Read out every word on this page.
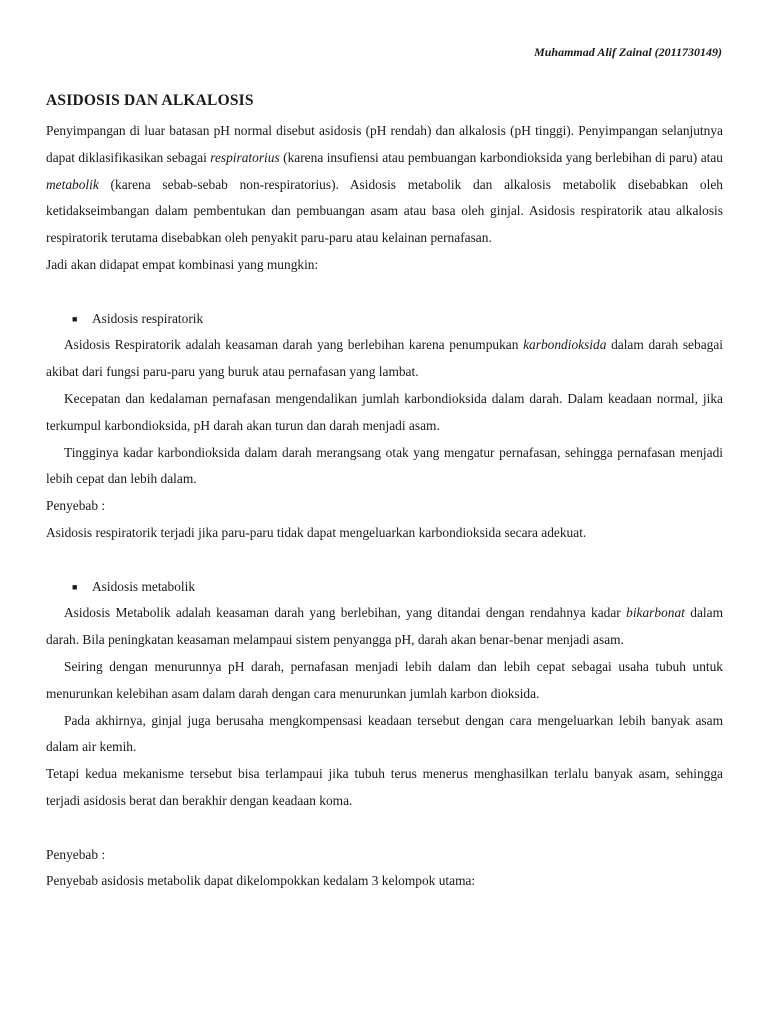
Muhammad Alif Zainal (2011730149)
ASIDOSIS DAN ALKALOSIS

Penyimpangan di luar batasan pH normal disebut asidosis (pH rendah) dan alkalosis (pH tinggi). Penyimpangan selanjutnya dapat diklasifikasikan sebagai respiratorius (karena insufiensi atau pembuangan karbondioksida yang berlebihan di paru) atau metabolik (karena sebab-sebab non-respiratorius). Asidosis metabolik dan alkalosis metabolik disebabkan oleh ketidakseimbangan dalam pembentukan dan pembuangan asam atau basa oleh ginjal. Asidosis respiratorik atau alkalosis respiratorik terutama disebabkan oleh penyakit paru-paru atau kelainan pernafasan.

Jadi akan didapat empat kombinasi yang mungkin:

■	Asidosis respiratorik

Asidosis Respiratorik adalah keasaman darah yang berlebihan karena penumpukan karbondioksida dalam darah sebagai akibat dari fungsi paru-paru yang buruk atau pernafasan yang lambat.

Kecepatan dan kedalaman pernafasan mengendalikan jumlah karbondioksida dalam darah. Dalam keadaan normal, jika terkumpul karbondioksida, pH darah akan turun dan darah menjadi asam.

Tingginya kadar karbondioksida dalam darah merangsang otak yang mengatur pernafasan, sehingga pernafasan menjadi lebih cepat dan lebih dalam.

Penyebab :

Asidosis respiratorik terjadi jika paru-paru tidak dapat mengeluarkan karbondioksida secara adekuat.

■	Asidosis metabolik

Asidosis Metabolik adalah keasaman darah yang berlebihan, yang ditandai dengan rendahnya kadar bikarbonat dalam darah. Bila peningkatan keasaman melampaui sistem penyangga pH, darah akan benar-benar menjadi asam.

Seiring dengan menurunnya pH darah, pernafasan menjadi lebih dalam dan lebih cepat sebagai usaha tubuh untuk menurunkan kelebihan asam dalam darah dengan cara menurunkan jumlah karbon dioksida.

Pada akhirnya, ginjal juga berusaha mengkompensasi keadaan tersebut dengan cara mengeluarkan lebih banyak asam dalam air kemih.

Tetapi kedua mekanisme tersebut bisa terlampaui jika tubuh terus menerus menghasilkan terlalu banyak asam, sehingga terjadi asidosis berat dan berakhir dengan keadaan koma.

Penyebab :

Penyebab asidosis metabolik dapat dikelompokkan kedalam 3 kelompok utama:
